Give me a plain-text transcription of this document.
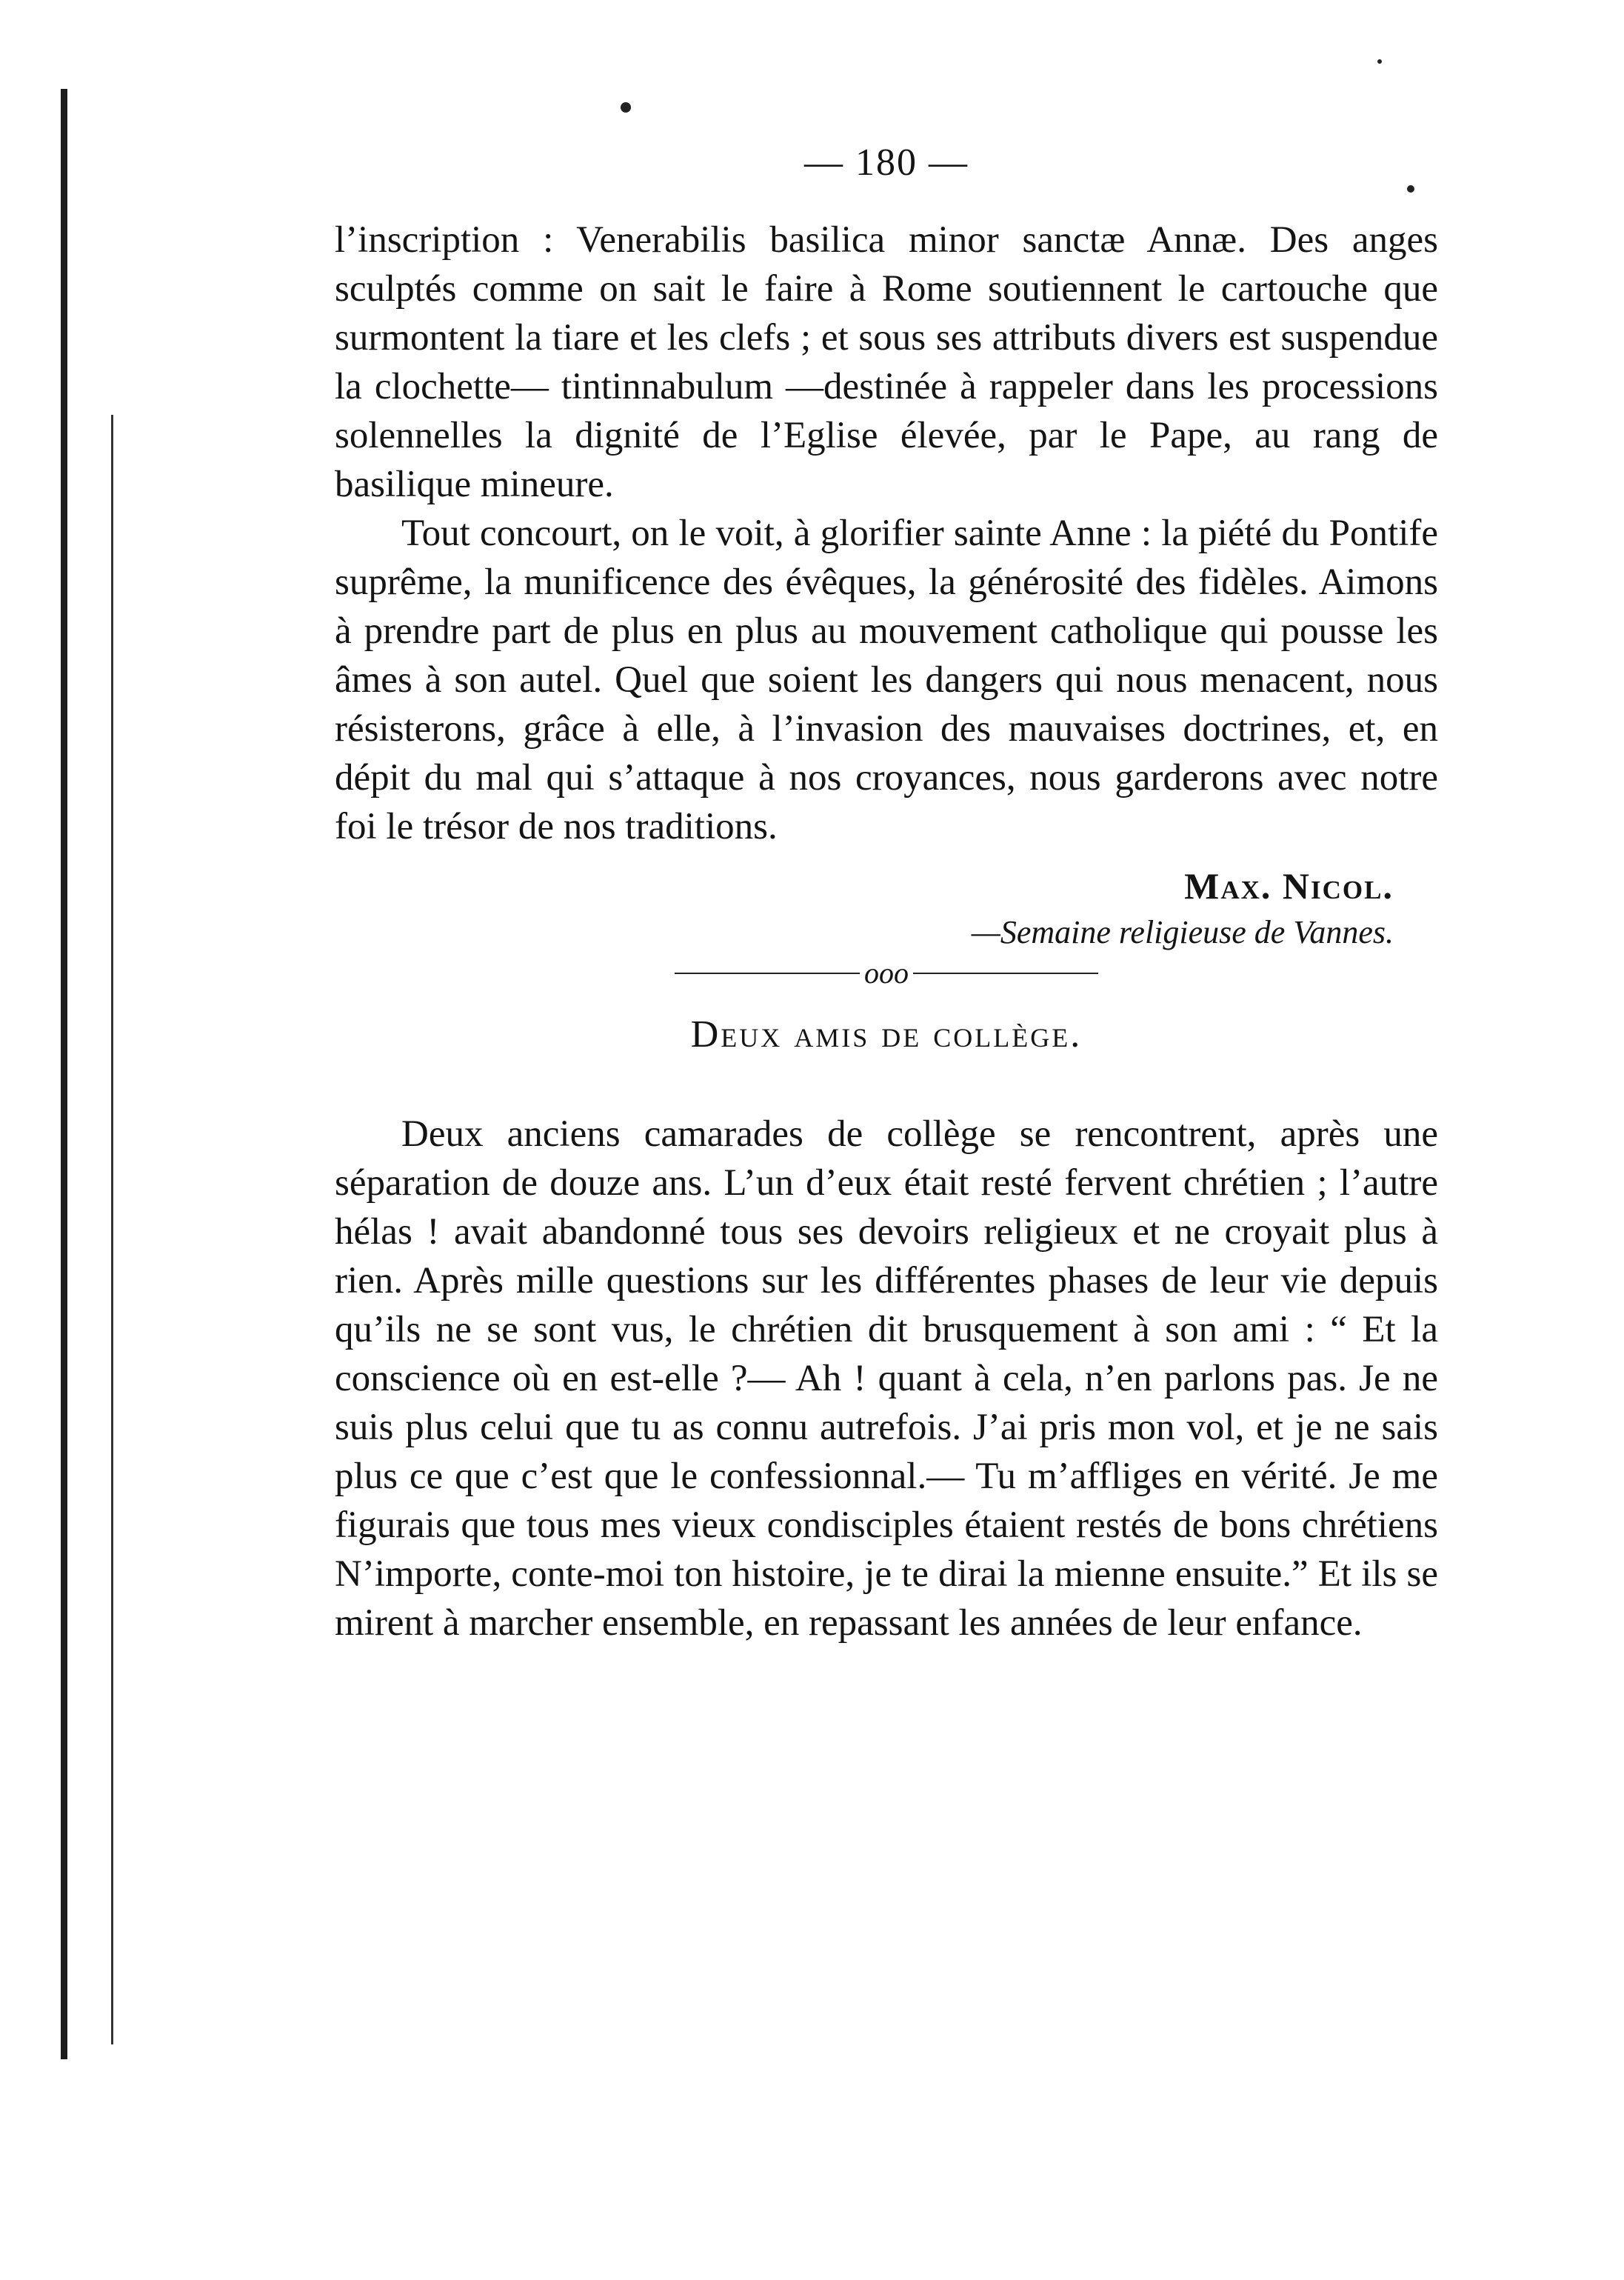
— 180 —

l’inscription : Venerabilis basilica minor sanctæ Annæ. Des anges sculptés comme on sait le faire à Rome soutiennent le cartouche que surmontent la tiare et les clefs ; et sous ses attributs divers est suspendue la clochette— tintinnabulum —destinée à rappeler dans les processions solennelles la dignité de l’Eglise élevée, par le Pape, au rang de basilique mineure.

Tout concourt, on le voit, à glorifier sainte Anne : la piété du Pontife suprême, la munificence des évêques, la générosité des fidèles. Aimons à prendre part de plus en plus au mouvement catholique qui pousse les âmes à son autel. Quel que soient les dangers qui nous menacent, nous résisterons, grâce à elle, à l’invasion des mauvaises doctrines, et, en dépit du mal qui s’attaque à nos croyances, nous garderons avec notre foi le trésor de nos traditions.

Max. Nicol.
—Semaine religieuse de Vannes.
ooo
Deux amis de collège.

Deux anciens camarades de collège se rencontrent, après une séparation de douze ans. L’un d’eux était resté fervent chrétien ; l’autre hélas ! avait abandonné tous ses devoirs religieux et ne croyait plus à rien. Après mille questions sur les différentes phases de leur vie depuis qu’ils ne se sont vus, le chrétien dit brusquement à son ami : “ Et la conscience où en est-elle ?— Ah ! quant à cela, n’en parlons pas. Je ne suis plus celui que tu as connu autrefois. J’ai pris mon vol, et je ne sais plus ce que c’est que le confessionnal.— Tu m’affliges en vérité. Je me figurais que tous mes vieux condisciples étaient restés de bons chrétiens N’importe, conte-moi ton histoire, je te dirai la mienne ensuite.” Et ils se mirent à marcher ensemble, en repassant les années de leur enfance.
